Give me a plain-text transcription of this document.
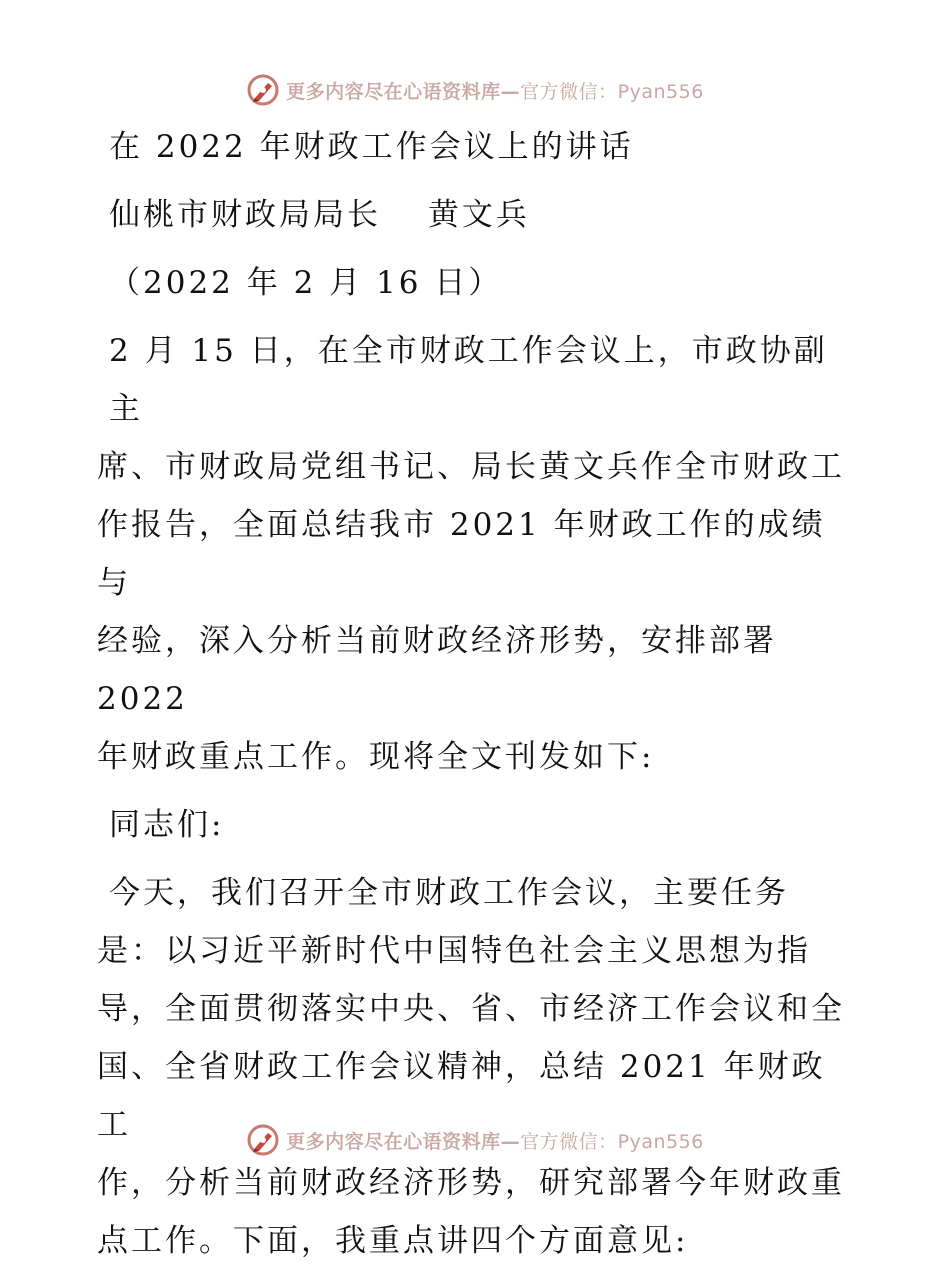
更多内容尽在心语资料库—官方微信：Pyan556
在 2022 年财政工作会议上的讲话
仙桃市财政局局长　 黄文兵
（2022 年 2 月 16 日）
2 月 15 日，在全市财政工作会议上，市政协副主
席、市财政局党组书记、局长黄文兵作全市财政工
作报告，全面总结我市 2021 年财政工作的成绩与
经验，深入分析当前财政经济形势，安排部署 2022
年财政重点工作。现将全文刊发如下:
同志们:
今天，我们召开全市财政工作会议，主要任务
是：以习近平新时代中国特色社会主义思想为指
导，全面贯彻落实中央、省、市经济工作会议和全
国、全省财政工作会议精神，总结 2021 年财政工
作，分析当前财政经济形势，研究部署今年财政重
点工作。下面，我重点讲四个方面意见:
更多内容尽在心语资料库—官方微信：Pyan556
